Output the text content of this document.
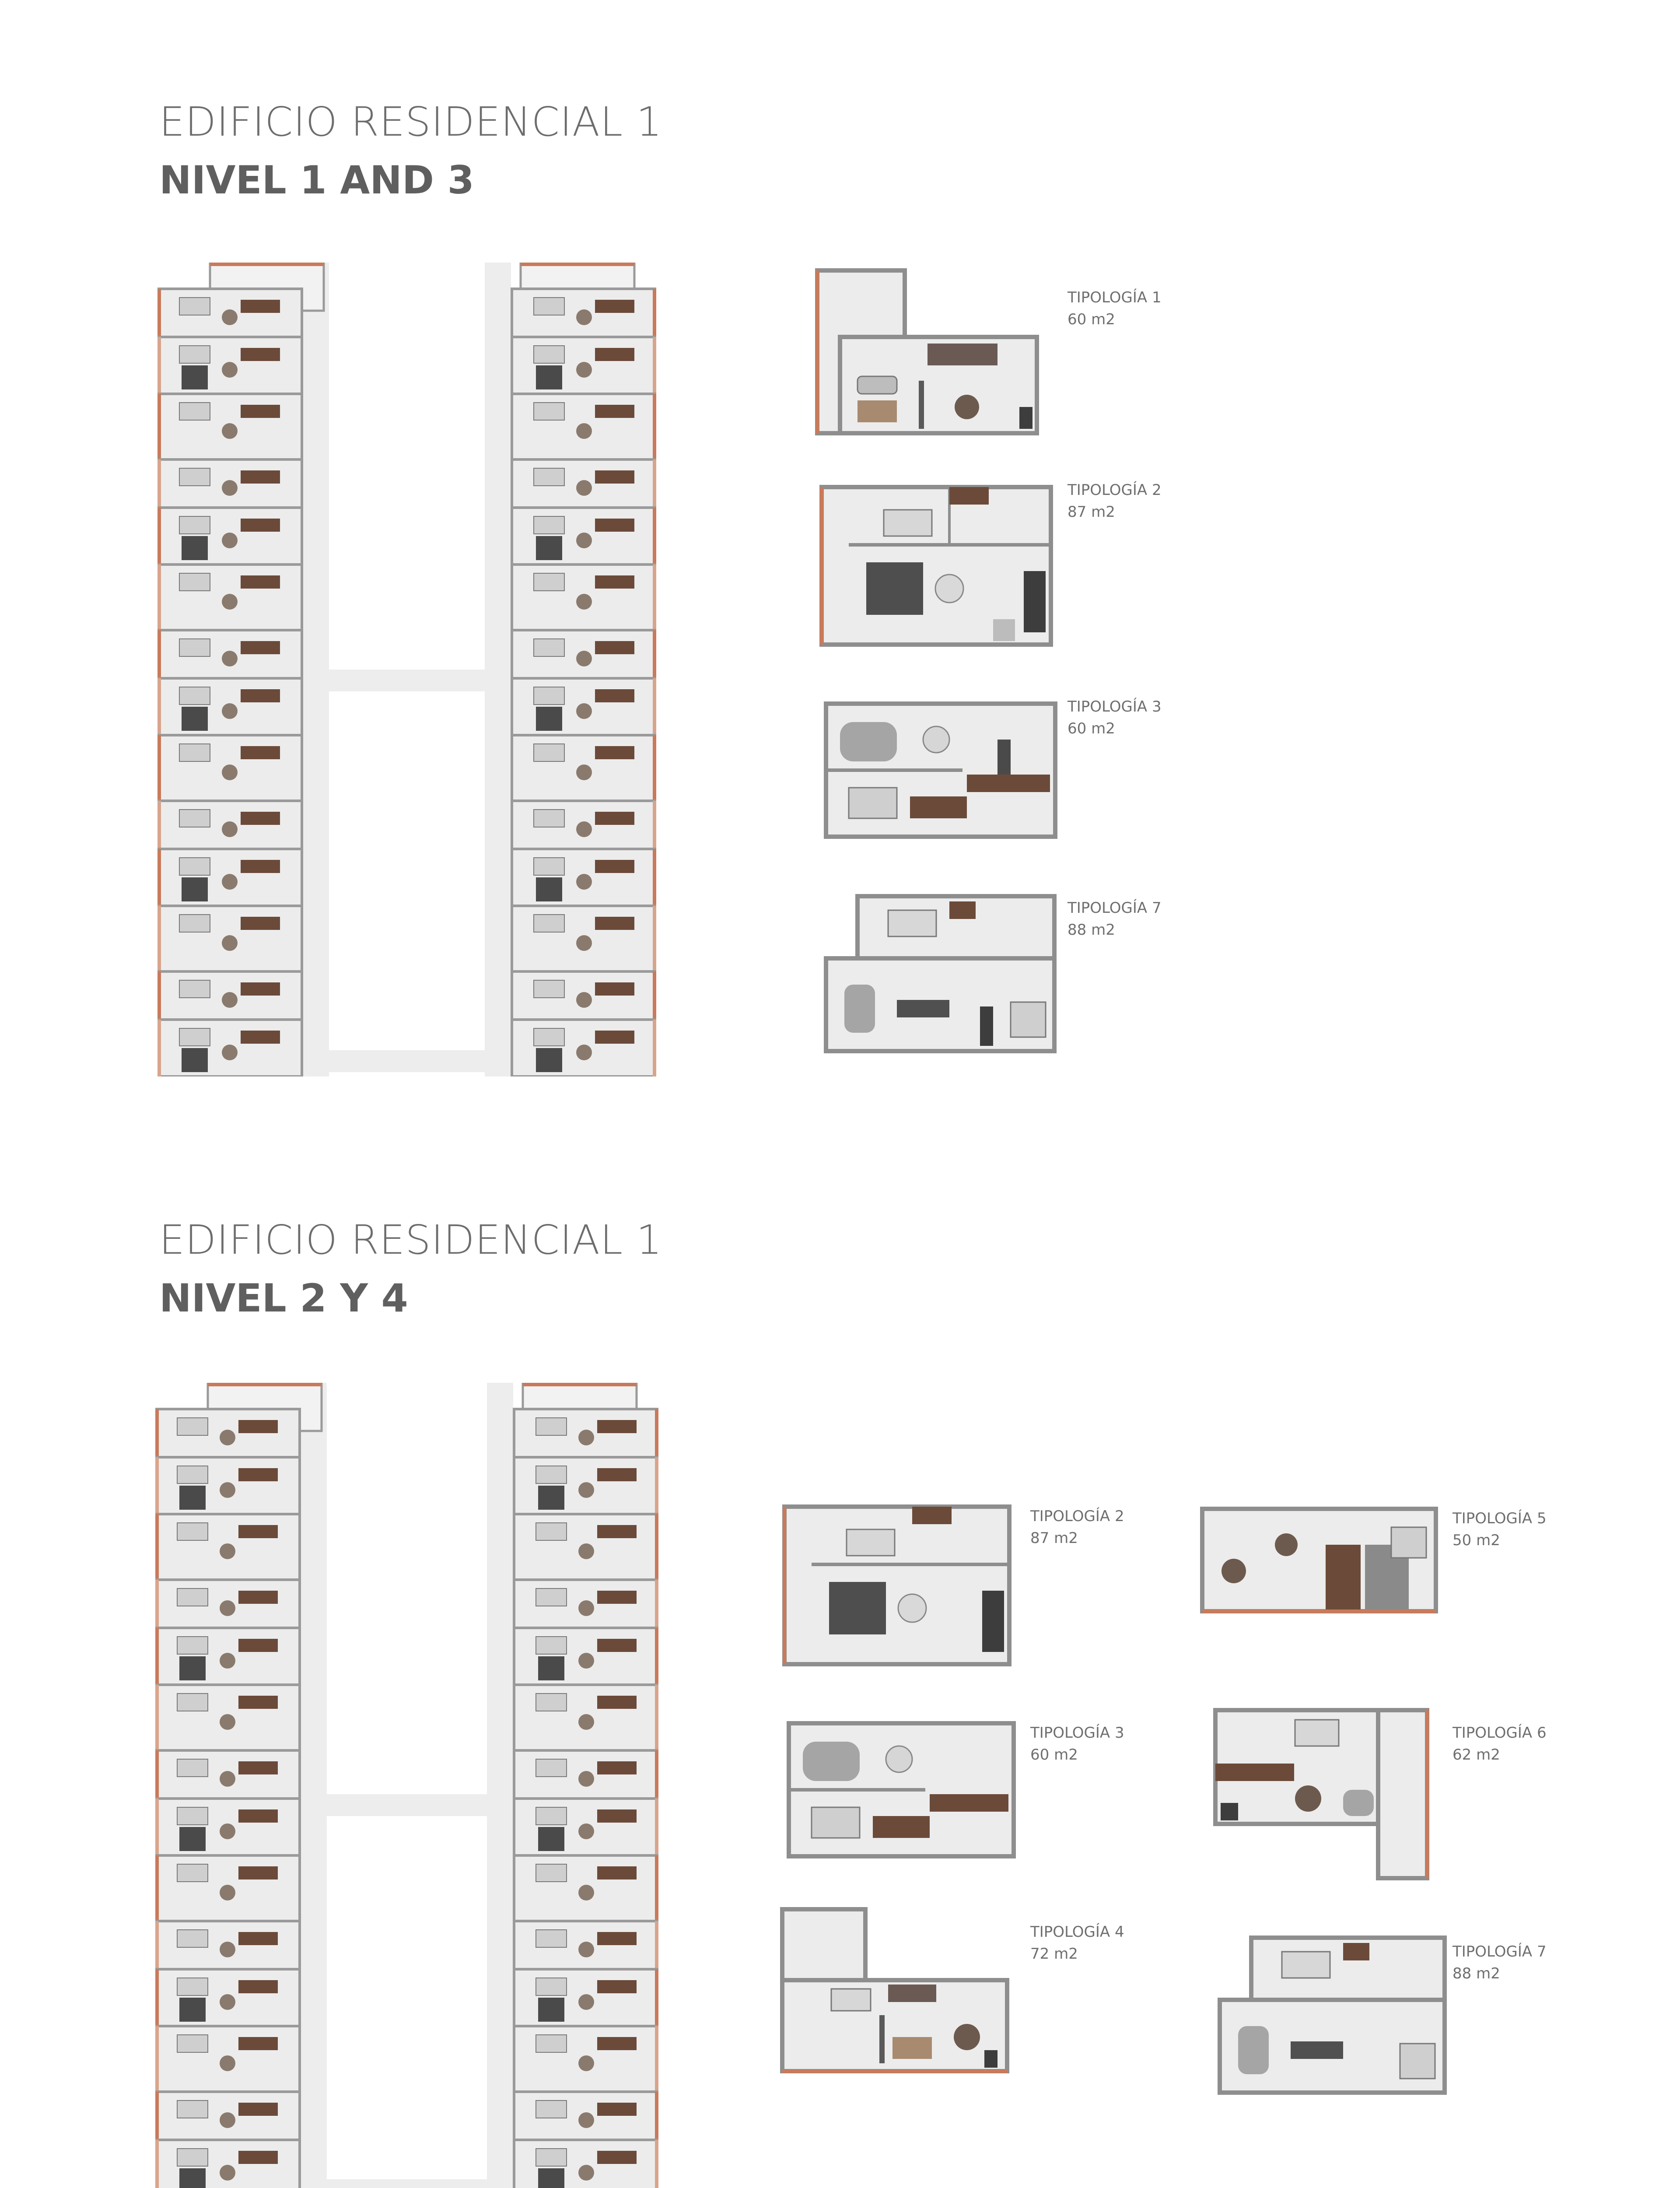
EDIFICIO RESIDENCIAL 1
NIVEL 1 AND 3
TIPOLOGÍA 1
60 m2
TIPOLOGÍA 2
87 m2
TIPOLOGÍA 3
60 m2
TIPOLOGÍA 7
88 m2
EDIFICIO RESIDENCIAL 1
NIVEL 2 Y 4
TIPOLOGÍA 2
87 m2
TIPOLOGÍA 5
50 m2
TIPOLOGÍA 3
60 m2
TIPOLOGÍA 6
62 m2
TIPOLOGÍA 4
72 m2	TIPOLOGÍA 7
88 m2
